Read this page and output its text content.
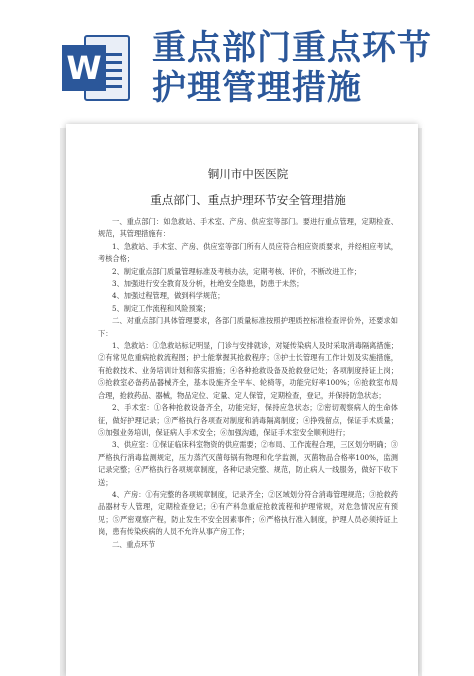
W 重点部门重点环节
护理管理措施

铜川市中医医院

重点部门、重点护理环节安全管理措施

一、重点部门：如急救站、手术室、产房、供应室等部门。要进行重点管理，定期检查、规范，其管理措施有：

1、急救站、手术室、产房、供应室等部门所有人员应符合相应资质要求，并经相应考试，考核合格；

2、制定重点部门质量管理标准及考核办法，定期考核、评价，不断改进工作；

3、加强进行安全教育及分析，杜绝安全隐患，防患于未然；

4、加强过程管理，做到科学规范；

5、制定工作流程和风险预案；

二、对重点部门具体管理要求，各部门质量标准按照护理质控标准检查评价外，还要求如下：

1、急救站：①急救站标记明显，门诊与安排就诊，对疑传染病人及时采取消毒隔离措施；②有常见危重病抢救流程图；护士能掌握其抢救程序；③护士长管理有工作计划及实施措施，有抢救技术、业务培训计划和落实措施；④各种抢救设备及抢救登记处；各项制度持证上岗；⑤抢救室必备药品器械齐全，基本设施齐全平车、轮椅等，功能完好率100%；⑥抢救室布局合理，抢救药品、器械，物品定位、定量、定人保管，定期检查，登记，并保持防急状态；

2、手术室：①各种抢救设备齐全，功能完好，保持应急状态；②密切观察病人的生命体征，做好护理记录；③严格执行各项查对制度和消毒隔离制度；④挣残留点，保证手术质量；⑤加强业务培训，保证病人手术安全；⑥加强沟通，保证手术室安全顺利进行；

3、供应室：①保证临床科室物资的供应需要；②布局、工作流程合理，三区划分明确；③严格执行消毒监测规定，压力蒸汽灭菌每锅有物理和化学监测，灭菌物品合格率100%，监测记录完整；④严格执行各项规章制度，各种记录完整、规范，防止病人一线服务，做好下收下送；

4、产房：①有完整的各项规章制度，记录齐全；②区域划分符合消毒管理规范；③抢救药品器材专人管理，定期检查登记；④有产科急重症抢救流程和护理常规，对危急情况应有预见；⑤严密观察产程，防止发生不安全因素事件；⑥严格执行准入制度，护理人员必须持证上岗，患有传染疾病的人员不允许从事产房工作；

二、重点环节
